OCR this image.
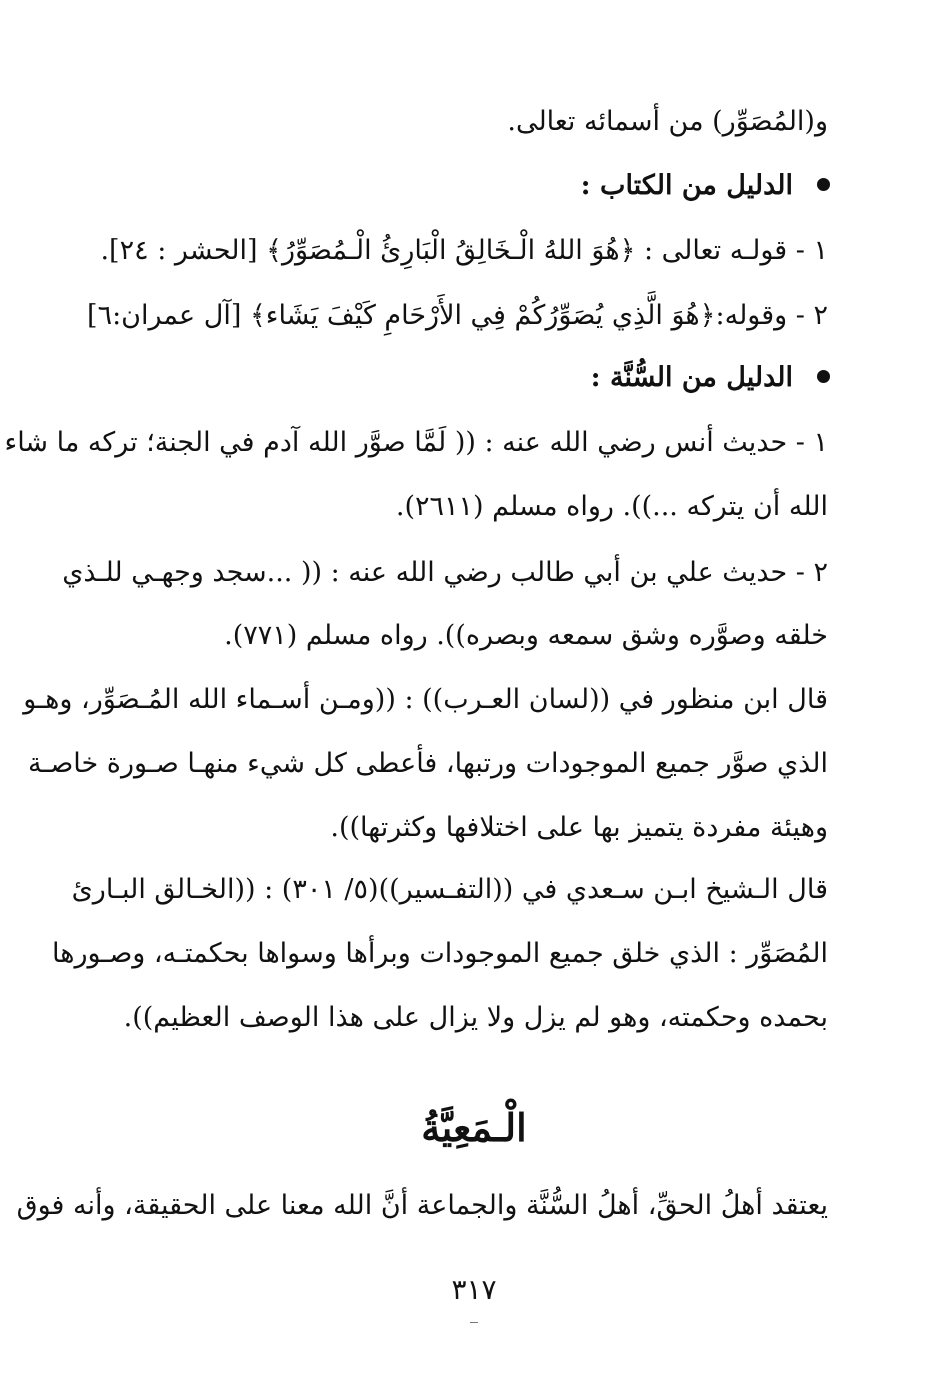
و(المُصَوِّر) من أسمائه تعالى.
الدليل من الكتاب :
١ - قولـه تعالى : ﴿هُوَ اللهُ الْـخَالِقُ الْبَارِئُ الْـمُصَوِّرُ﴾ [الحشر : ٢٤].
٢ - وقوله:﴿هُوَ الَّذِي يُصَوِّرُكُمْ فِي الأَرْحَامِ كَيْفَ يَشَاء﴾ [آل عمران:٦]
الدليل من السُّنَّة :
١ - حديث أنس رضي الله عنه : (( لَمَّا صوَّر الله آدم في الجنة؛ تركه ما شاء
الله أن يتركه ...)). رواه مسلم (٢٦١١).
٢ - حديث علي بن أبي طالب رضي الله عنه : (( ...سجد وجهـي للـذي
خلقه وصوَّره وشق سمعه وبصره)). رواه مسلم (٧٧١).
قال ابن منظور في ((لسان العـرب)) : ((ومـن أسـماء الله المُـصَوِّر، وهـو
الذي صوَّر جميع الموجودات ورتبها، فأعطى كل شيء منهـا صـورة خاصـة
وهيئة مفردة يتميز بها على اختلافها وكثرتها)).
قال الـشيخ ابـن سـعدي في ((التفـسير))(٥/ ٣٠١) : ((الخـالق البـارئ
المُصَوِّر : الذي خلق جميع الموجودات وبرأها وسواها بحكمتـه، وصـورها
بحمده وحكمته، وهو لم يزل ولا يزال على هذا الوصف العظيم)).
الْـمَعِيَّةُ
يعتقد أهلُ الحقِّ، أهلُ السُّنَّة والجماعة أنَّ الله معنا على الحقيقة، وأنه فوق
٣١٧
